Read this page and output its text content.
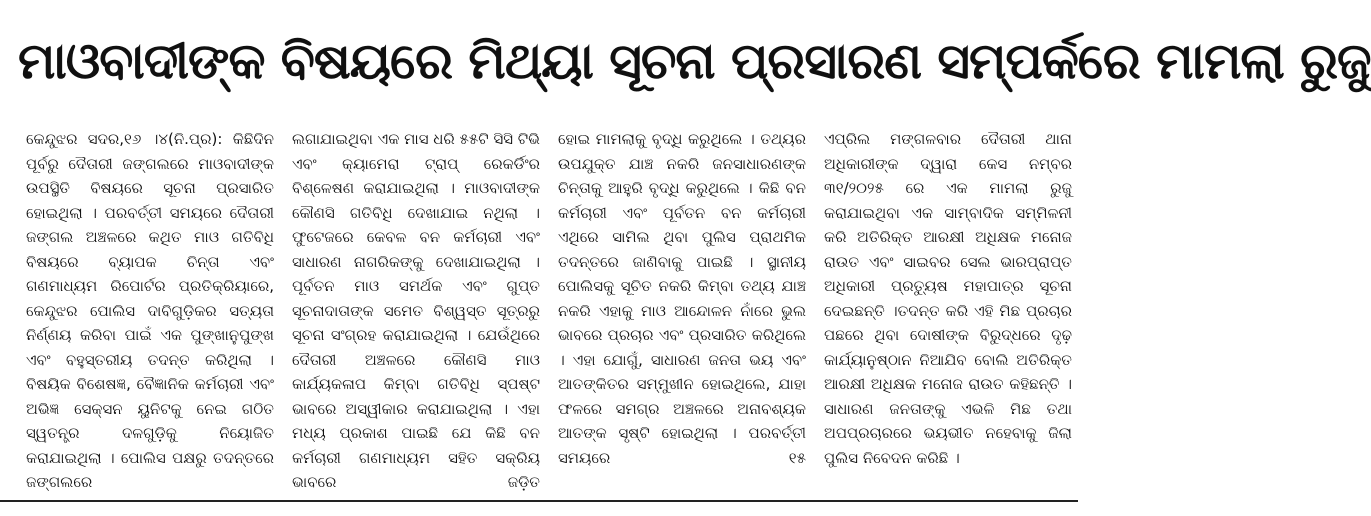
ମାଓବାଦୀଙ୍କ ବିଷୟରେ ମିଥ୍ୟା ସୂଚନା ପ୍ରସାରଣ ସମ୍ପର୍କରେ ମାମଲା ରୁଜୁ

କେନ୍ଦୁଝର ସଦର,୧୬ ।୪(ନି.ପ୍ର): କିଛିଦିନ ପୂର୍ବରୁ ଦୈତାରୀ ଜଙ୍ଗଲରେ ମାଓବାଦୀଙ୍କ ଉପସ୍ଥିତି ବିଷୟରେ ସୂଚନା ପ୍ରସାରିତ ହୋଇଥିଲା । ପରବର୍ତ୍ତୀ ସମୟରେ ଦୈତାରୀ ଜଙ୍ଗଲ ଅଞ୍ଚଳରେ କଥିତ ମାଓ ଗତିବିଧି ବିଷୟରେ ବ୍ୟାପକ ଚିନ୍ତା ଏବଂ ଗଣମାଧ୍ୟମ ରିପୋର୍ଟର ପ୍ରତିକ୍ରିୟାରେ, କେନ୍ଦୁଝର ପୋଲିସ ଦାବିଗୁଡ଼ିକର ସତ୍ୟତା ନିର୍ଣ୍ଣୟ କରିବା ପାଇଁ ଏକ ପୁଙ୍ଖାନୁପୁଙ୍ଖ ଏବଂ ବହୁସ୍ତରୀୟ ତଦନ୍ତ କରିଥିଲା । ବିଷୟିକ ବିଶେଷଜ୍ଞ, ବୈଜ୍ଞାନିକ କର୍ମଚାରୀ ଏବଂ ଅଭିଜ୍ଞ ସେକ୍ସନ ୟୁନିଟକୁ ନେଇ ଗଠିତ ସ୍ୱତନ୍ତ୍ର ଦଳଗୁଡ଼ିକୁ ନିୟୋଜିତ କରାଯାଇଥିଲା । ପୋଲିସ ପକ୍ଷରୁ ତଦନ୍ତରେ ଜଙ୍ଗଲରେ

ଲଗାଯାଇଥିବା ଏକ ମାସ ଧରି ୫୫ଟି ସିସି ଟିଭି ଏବଂ କ୍ୟାମେରା ଟ୍ରାପ୍ ରେକର୍ଡିଂର ବିଶ୍ଳେଷଣ କରାଯାଇଥିଲା । ମାଓବାଦୀଙ୍କ କୌଣସି ଗତିବିଧି ଦେଖାଯାଇ ନଥିଲା । ଫୁଟେଜରେ କେବଳ ବନ କର୍ମଚାରୀ ଏବଂ ସାଧାରଣ ନାଗରିକଙ୍କୁ ଦେଖାଯାଇଥିଲା । ପୂର୍ବତନ ମାଓ ସମର୍ଥକ ଏବଂ ଗୁପ୍ତ ସୂଚନାଦାତାଙ୍କ ସମେତ ବିଶ୍ୱସ୍ତ ସୂତ୍ରରୁ ସୂଚନା ସଂଗ୍ରହ କରାଯାଇଥିଲା । ଯେଉଁଥିରେ ଦୈତାରୀ ଅଞ୍ଚଳରେ କୌଣସି ମାଓ କାର୍ଯ୍ୟକଳାପ କିମ୍ବା ଗତିବିଧି ସ୍ପଷ୍ଟ ଭାବରେ ଅସ୍ୱୀକାର କରାଯାଇଥିଲା । ଏହା ମଧ୍ୟ ପ୍ରକାଶ ପାଇଛି ଯେ କିଛି ବନ କର୍ମଚାରୀ ଗଣମାଧ୍ୟମ ସହିତ ସକ୍ରିୟ ଭାବରେ ଜଡ଼ିତ

ହୋଇ ମାମଲାକୁ ବୃଦ୍ଧି କରୁଥିଲେ । ତଥ୍ୟର ଉପଯୁକ୍ତ ଯାଞ୍ଚ ନକରି ଜନସାଧାରଣଙ୍କ ଚିନ୍ତାକୁ ଆହୁରି ବୃଦ୍ଧି କରୁଥିଲେ । କିଛି ବନ କର୍ମଚାରୀ ଏବଂ ପୂର୍ବତନ ବନ କର୍ମଚାରୀ ଏଥିରେ ସାମିଲ ଥିବା ପୁଲିସ ପ୍ରାଥମିକ ତଦନ୍ତରେ ଜାଣିବାକୁ ପାଇଛି । ସ୍ଥାନୀୟ ପୋଲିସକୁ ସୂଚିତ ନକରି କିମ୍ବା ତଥ୍ୟ ଯାଞ୍ଚ ନକରି ଏହାକୁ ମାଓ ଆନ୍ଦୋଳନ ନାଁରେ ଭୁଲ ଭାବରେ ପ୍ରଚାର ଏବଂ ପ୍ରସାରିତ କରିଥିଲେ । ଏହା ଯୋଗୁଁ, ସାଧାରଣ ଜନତା ଭୟ ଏବଂ ଆତଙ୍କିତର ସମ୍ମୁଖୀନ ହୋଇଥିଲେ, ଯାହା ଫଳରେ ସମଗ୍ର ଅଞ୍ଚଳରେ ଅନାବଶ୍ୟକ ଆତଙ୍କ ସୃଷ୍ଟି ହୋଇଥିଲା । ପରବର୍ତ୍ତୀ ସମୟରେ ୧୫

ଏପ୍ରିଲ ମଙ୍ଗଳବାର ଦୈତାରୀ ଥାନା ଅଧିକାରୀଙ୍କ ଦ୍ୱାରା କେସ ନମ୍ବର ୩୧/୨୦୨୫ ରେ ଏକ ମାମଲା ରୁଜୁ କରାଯାଇଥିବା ଏକ ସାମ୍ବାଦିକ ସମ୍ମିଳନୀ କରି ଅତିରିକ୍ତ ଆରକ୍ଷୀ ଅଧିକ୍ଷକ ମନୋଜ ରାଉତ ଏବଂ ସାଇବର ସେଲ ଭାରପ୍ରାପ୍ତ ଅଧିକାରୀ ପ୍ରତ୍ୟୁଷ ମହାପାତ୍ର ସୂଚନା ଦେଇଛନ୍ତି ।ତଦନ୍ତ କରି ଏହି ମିଛ ପ୍ରଚାର ପଛରେ ଥିବା ଦୋଷୀଙ୍କ ବିରୁଦ୍ଧରେ ଦୃଢ଼ କାର୍ଯ୍ୟାନୁଷ୍ଠାନ ନିଆଯିବ ବୋଲି ଅତିରିକ୍ତ ଆରକ୍ଷୀ ଅଧିକ୍ଷକ ମନୋଜ ରାଉତ କହିଛନ୍ତି । ସାଧାରଣ ଜନତାଙ୍କୁ ଏଭଳି ମିଛ ତଥା ଅପପ୍ରଚାରରେ ଭୟଭୀତ ନହେବାକୁ ଜିଲା ପୁଲିସ ନିବେଦନ କରିଛି ।
